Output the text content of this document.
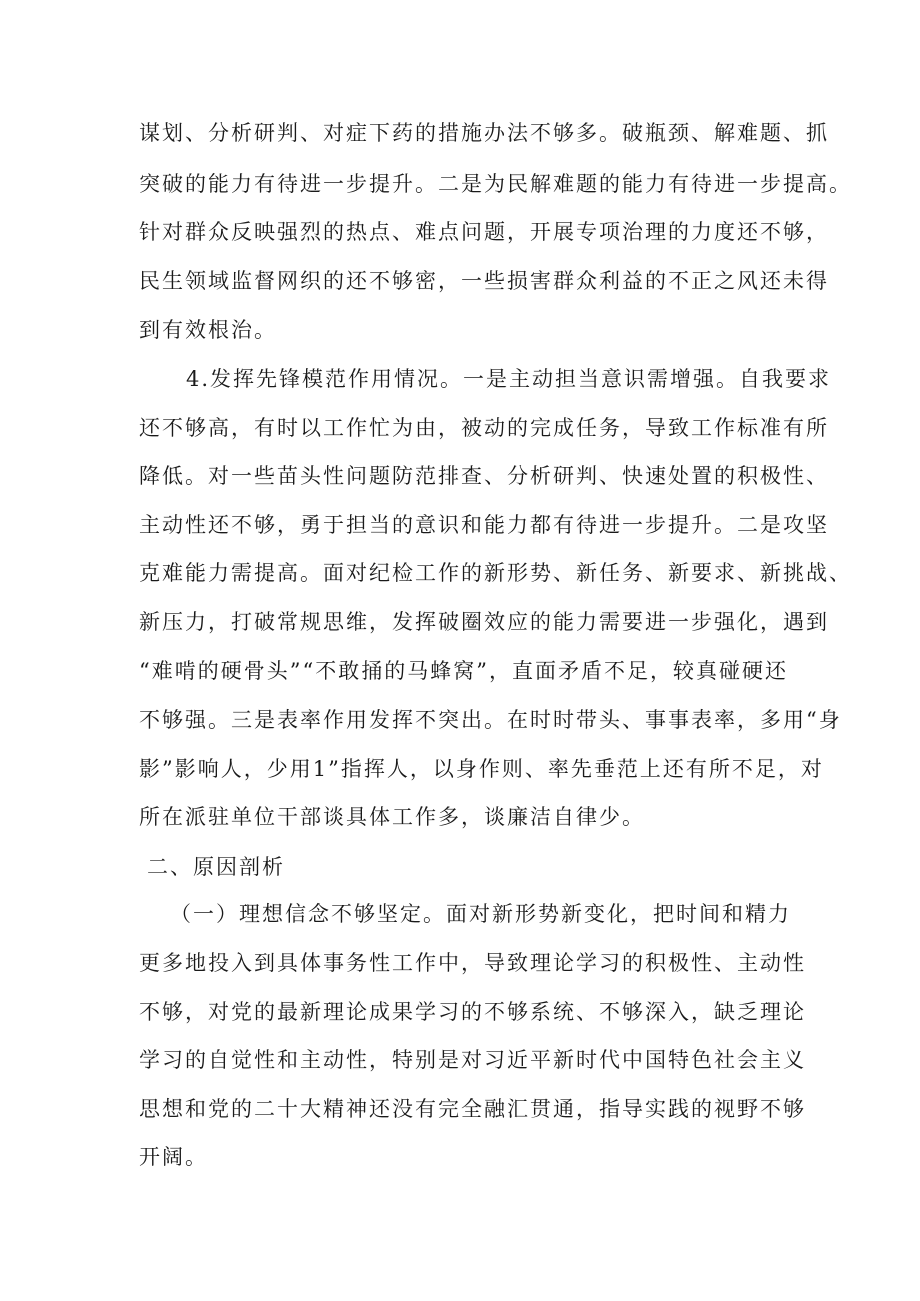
谋划、分析研判、对症下药的措施办法不够多。破瓶颈、解难题、抓
突破的能力有待进一步提升。二是为民解难题的能力有待进一步提高。
针对群众反映强烈的热点、难点问题，开展专项治理的力度还不够，
民生领域监督网织的还不够密，一些损害群众利益的不正之风还未得
到有效根治。
4.发挥先锋模范作用情况。一是主动担当意识需增强。自我要求
还不够高，有时以工作忙为由，被动的完成任务，导致工作标准有所
降低。对一些苗头性问题防范排查、分析研判、快速处置的积极性、
主动性还不够，勇于担当的意识和能力都有待进一步提升。二是攻坚
克难能力需提高。面对纪检工作的新形势、新任务、新要求、新挑战、
新压力，打破常规思维，发挥破圈效应的能力需要进一步强化，遇到
“难啃的硬骨头”“不敢捅的马蜂窝”，直面矛盾不足，较真碰硬还
不够强。三是表率作用发挥不突出。在时时带头、事事表率，多用“身
影”影响人，少用1”指挥人，以身作则、率先垂范上还有所不足，对
所在派驻单位干部谈具体工作多，谈廉洁自律少。
二、原因剖析
（一）理想信念不够坚定。面对新形势新变化，把时间和精力
更多地投入到具体事务性工作中，导致理论学习的积极性、主动性
不够，对党的最新理论成果学习的不够系统、不够深入，缺乏理论
学习的自觉性和主动性，特别是对习近平新时代中国特色社会主义
思想和党的二十大精神还没有完全融汇贯通，指导实践的视野不够
开阔。
